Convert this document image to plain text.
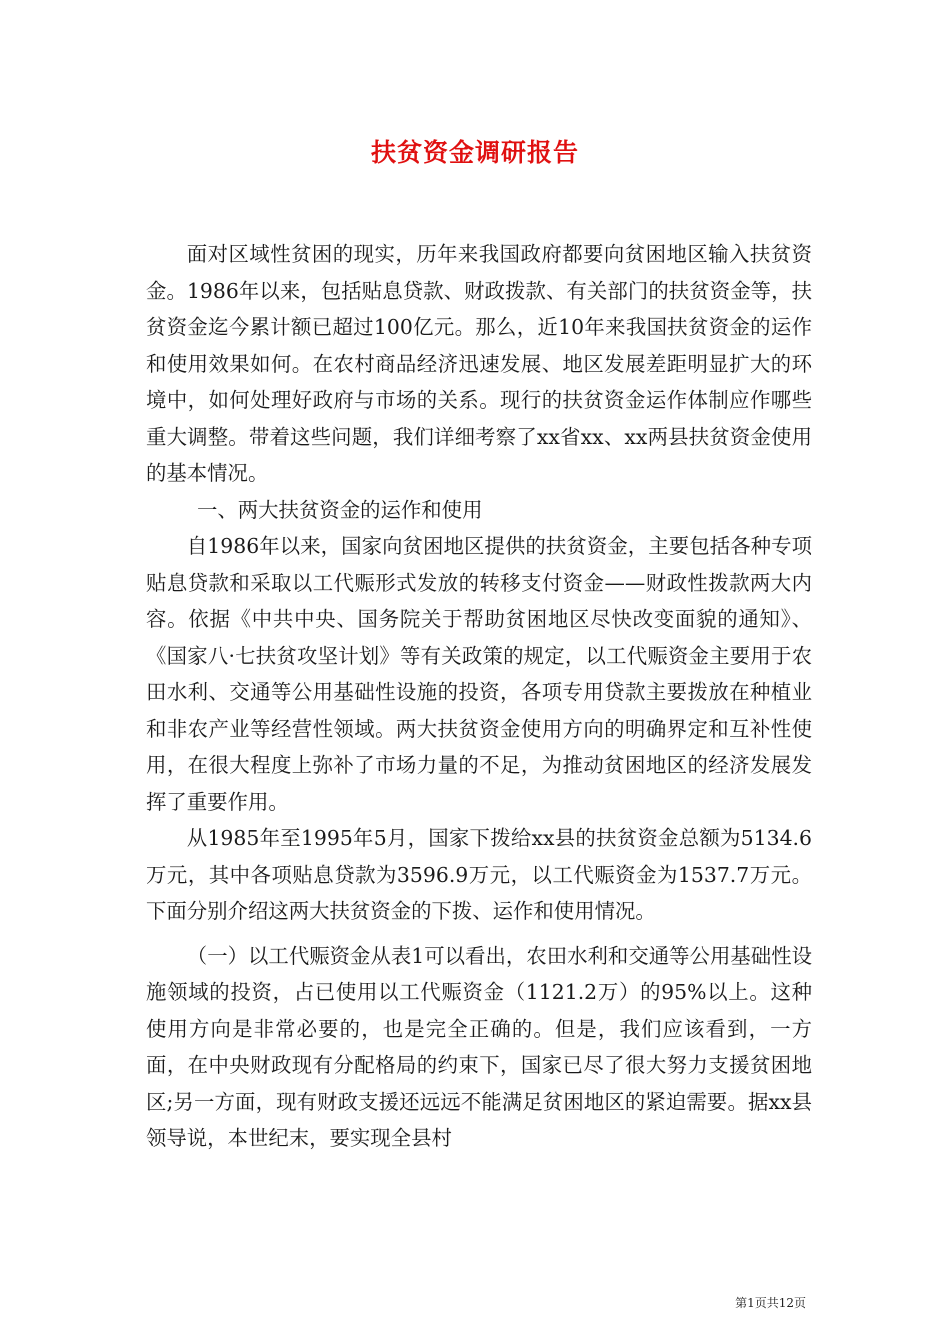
扶贫资金调研报告

面对区域性贫困的现实，历年来我国政府都要向贫困地区输入扶贫资金。1986年以来，包括贴息贷款、财政拨款、有关部门的扶贫资金等，扶贫资金迄今累计额已超过100亿元。那么，近10年来我国扶贫资金的运作和使用效果如何。在农村商品经济迅速发展、地区发展差距明显扩大的环境中，如何处理好政府与市场的关系。现行的扶贫资金运作体制应作哪些重大调整。带着这些问题，我们详细考察了xx省xx、xx两县扶贫资金使用的基本情况。

一、两大扶贫资金的运作和使用

自1986年以来，国家向贫困地区提供的扶贫资金，主要包括各种专项贴息贷款和采取以工代赈形式发放的转移支付资金——财政性拨款两大内容。依据《中共中央、国务院关于帮助贫困地区尽快改变面貌的通知》、《国家八·七扶贫攻坚计划》等有关政策的规定，以工代赈资金主要用于农田水利、交通等公用基础性设施的投资，各项专用贷款主要拨放在种植业和非农产业等经营性领域。两大扶贫资金使用方向的明确界定和互补性使用，在很大程度上弥补了市场力量的不足，为推动贫困地区的经济发展发挥了重要作用。

从1985年至1995年5月，国家下拨给xx县的扶贫资金总额为5134.6万元，其中各项贴息贷款为3596.9万元，以工代赈资金为1537.7万元。下面分别介绍这两大扶贫资金的下拨、运作和使用情况。

（一）以工代赈资金从表1可以看出，农田水利和交通等公用基础性设施领域的投资，占已使用以工代赈资金（1121.2万）的95%以上。这种使用方向是非常必要的，也是完全正确的。但是，我们应该看到，一方面，在中央财政现有分配格局的约束下，国家已尽了很大努力支援贫困地区;另一方面，现有财政支援还远远不能满足贫困地区的紧迫需要。据xx县领导说，本世纪末，要实现全县村

第1页共12页
